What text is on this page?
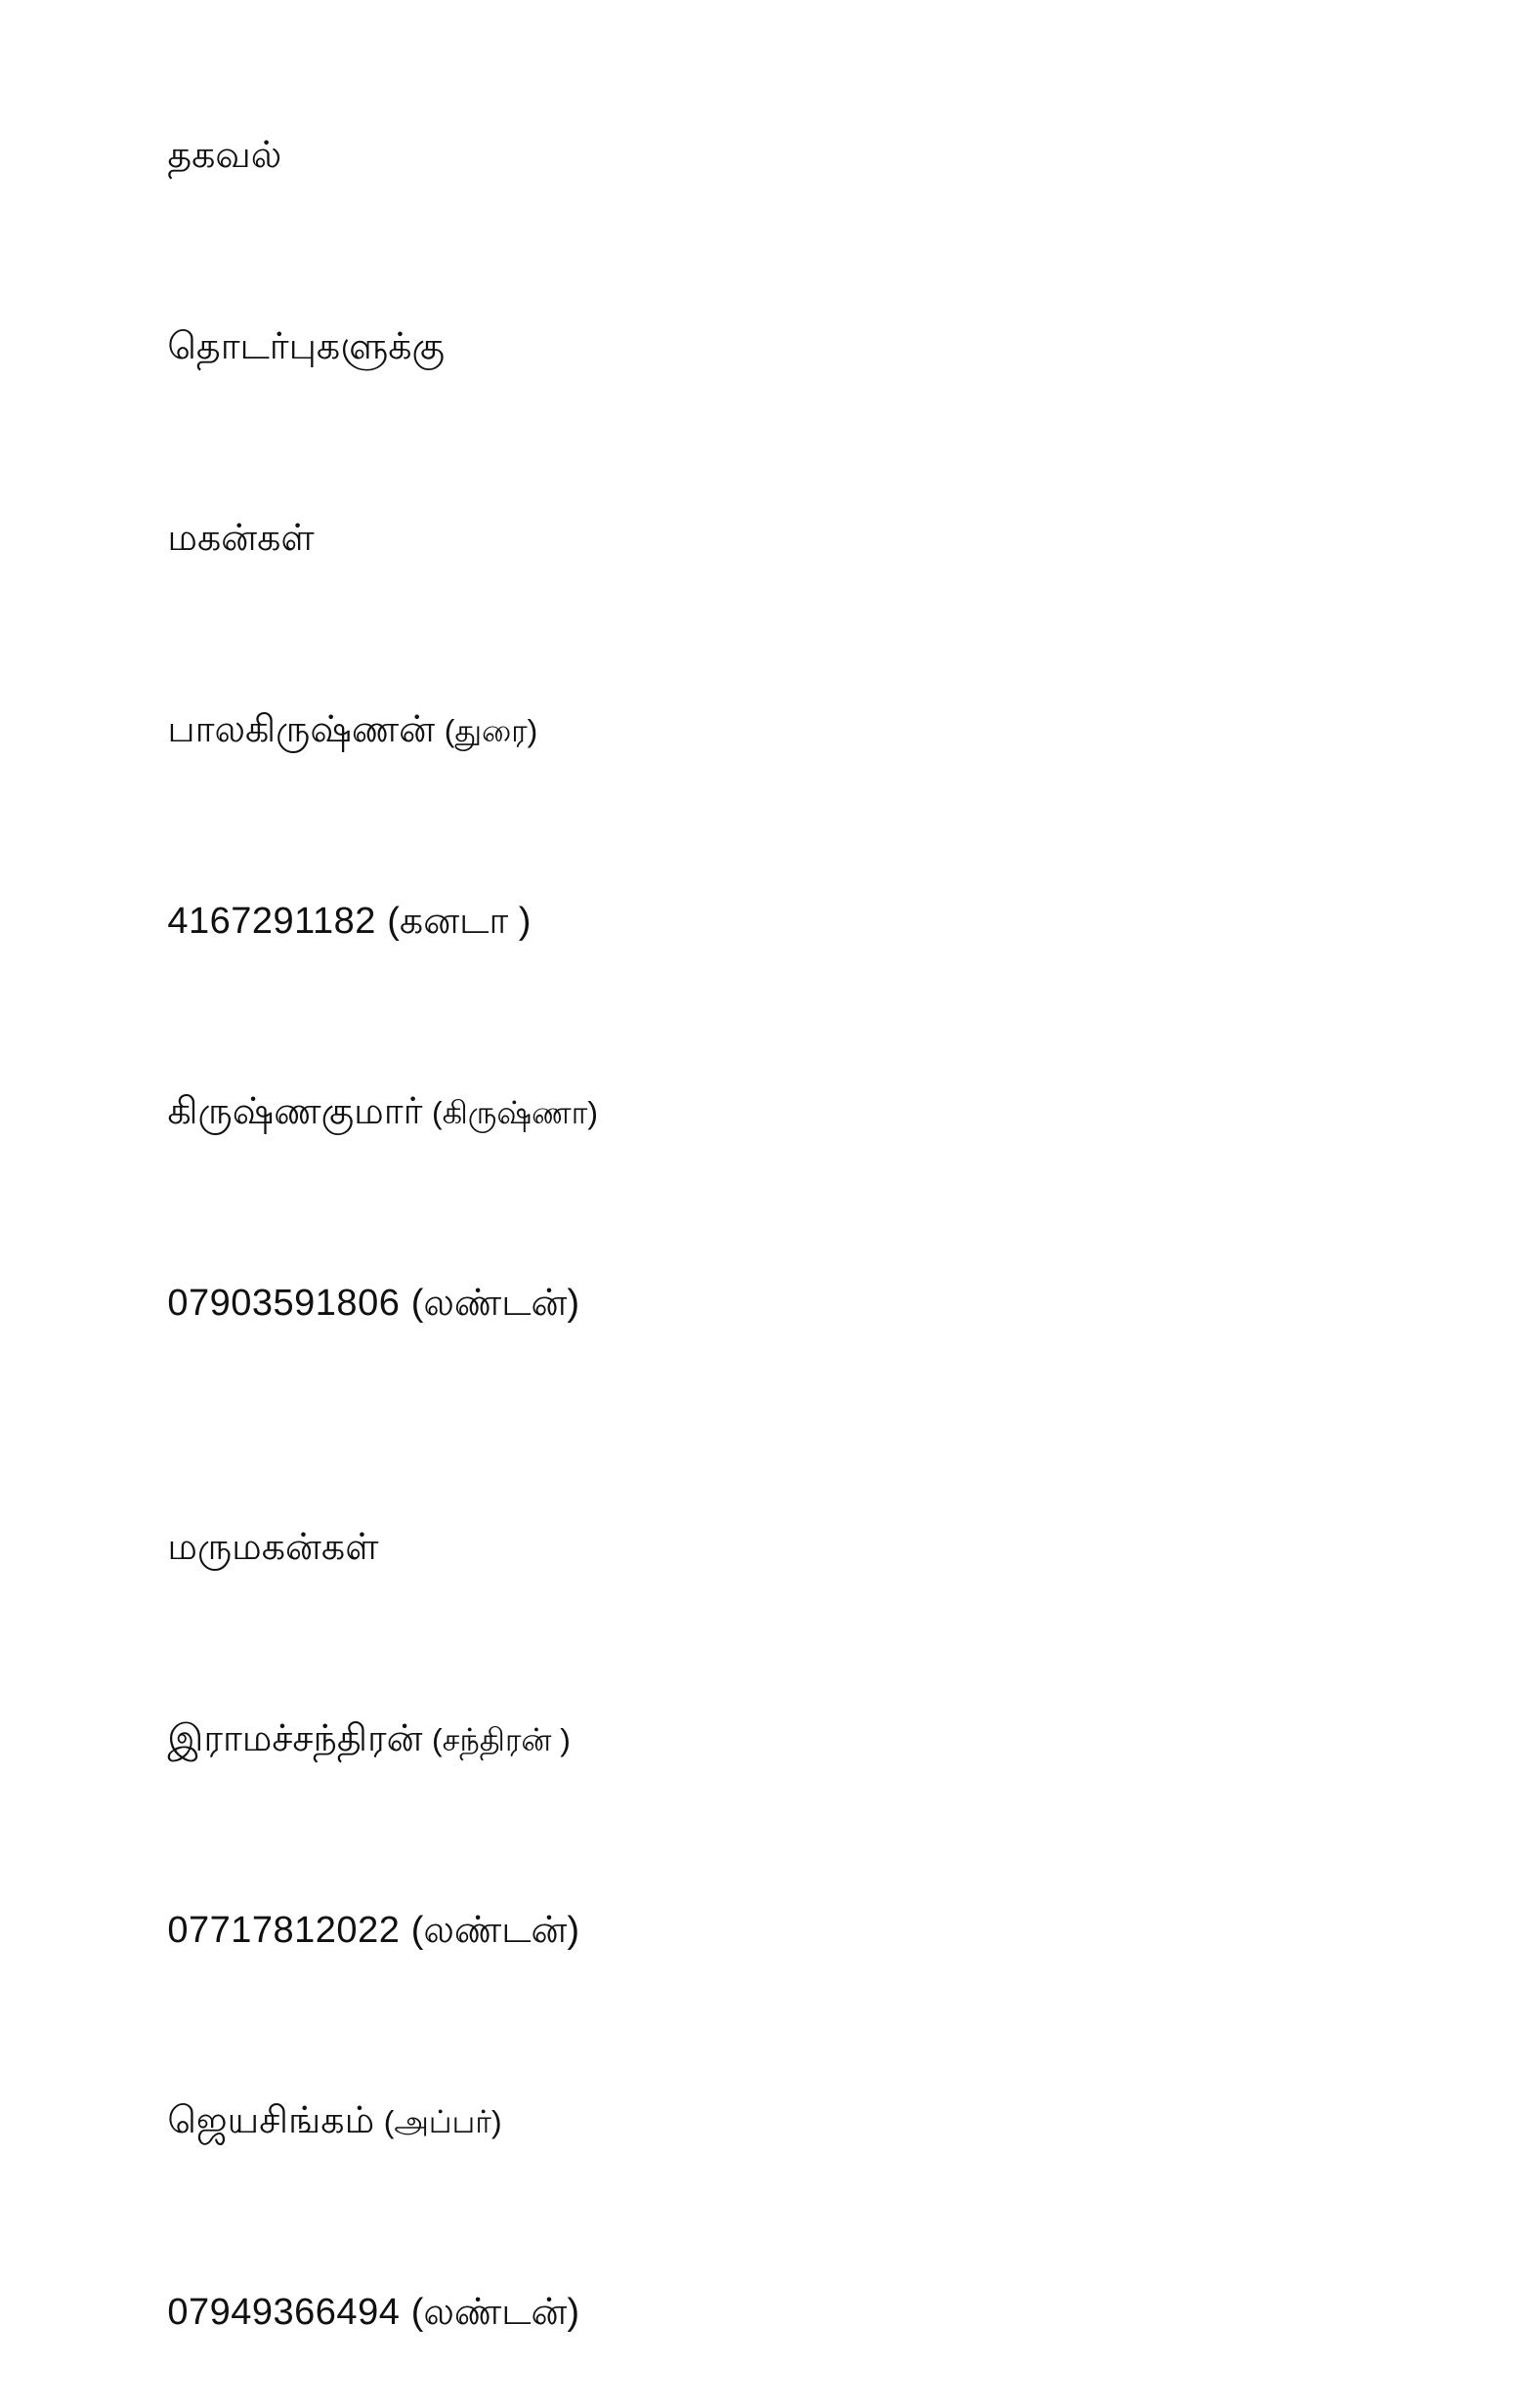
தகவல்

தொடர்புகளுக்கு

மகன்கள்

பாலகிருஷ்ணன் (துரை)

4167291182 (கனடா )

கிருஷ்ணகுமார் (கிருஷ்ணா)

07903591806 (லண்டன்)

மருமகன்கள்

இராமச்சந்திரன் (சந்திரன் )

07717812022 (லண்டன்)

ஜெயசிங்கம் (அப்பர்)

07949366494 (லண்டன்)
